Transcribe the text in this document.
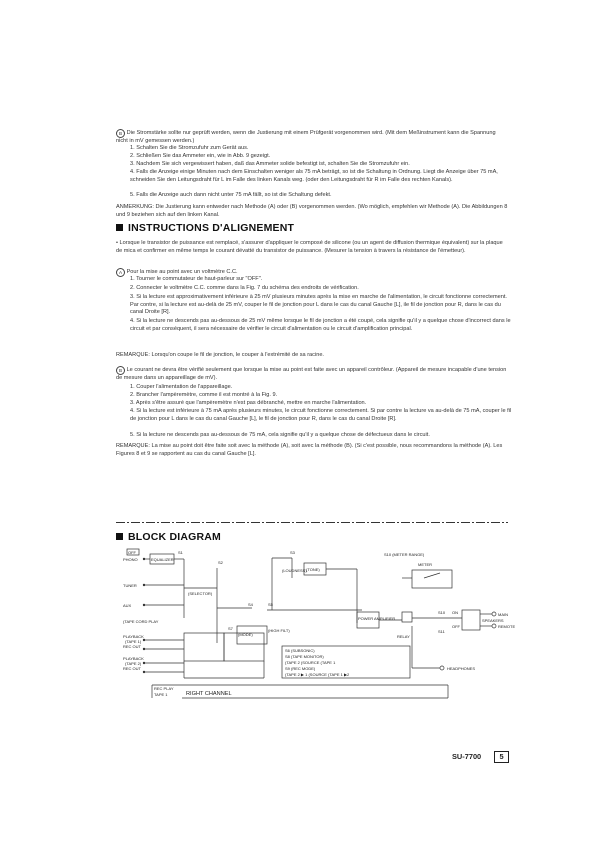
B Die Stromstärke sollte nur geprüft werden, wenn die Justierung mit einem Prüfgerät vorgenommen wird. (Mit dem Meßinstrument kann die Spannung nicht in mV gemessen werden.)
1. Schalten Sie die Stromzufuhr zum Gerät aus.
2. Schließen Sie das Ammeter ein, wie in Abb. 9 gezeigt.
3. Nachdem Sie sich vergewissert haben, daß das Ammeter solide befestigt ist, schalten Sie die Stromzufuhr ein.
4. Falls die Anzeige einige Minuten nach dem Einschalten weniger als 75 mA beträgt, so ist die Schaltung in Ordnung. Liegt die Anzeige über 75 mA, schneiden Sie den Leitungsdraht für L im Falle des linken Kanals weg. (oder den Leitungsdraht für R im Falle des rechten Kanals).
5. Falls die Anzeige auch dann nicht unter 75 mA fällt, so ist die Schaltung defekt.
ANMERKUNG: Die Justierung kann entweder nach Methode (A) oder (B) vorgenommen werden. (Wo möglich, empfehlen wir Methode (A). Die Abbildungen 8 und 9 beziehen sich auf den linken Kanal.
INSTRUCTIONS D'ALIGNEMENT
• Lorsque le transistor de puissance est remplacé, s'assurer d'appliquer le composé de silicone (ou un agent de diffusion thermique équivalent) sur la plaque de mica et confirmer en même temps le courant dévatté du transistor de puissance. (Mesurer la tension à travers la résistance de l'émetteur).
A Pour la mise au point avec un voltmètre C.C.
1. Tourner le commutateur de haut-parleur sur "OFF".
2. Connecter le voltmètre C.C. comme dans la Fig. 7 du schéma des endroits de vérification.
3. Si la lecture est approximativement inférieure à 25 mV plusieurs minutes après la mise en marche de l'alimentation, le circuit fonctionne correctement. Par contre, si la lecture est au-delà de 25 mV, couper le fil de jonction pour L dans le cas du canal Gauche [L], ile fil de jonction pour R, dans le cas du canal Droite [R].
4. Si la lecture ne descends pas au-dessous de 25 mV même lorsque le fil de jonction a été coupé, cela signifie qu'il y a quelque chose d'incorrect dans le circuit et par conséquent, il sera nécessaire de vérifier le circuit d'alimentation ou le circuit d'amplification principal.
REMARQUE: Lorsqu'on coupe le fil de jonction, le couper à l'extrémité de sa racine.
B Le courant ne devra être vérifié seulement que lorsque la mise au point est faite avec un appareil contrôleur. (Appareil de mesure incapable d'une tension de mesure dans un appareillage de mV).
1. Couper l'alimentation de l'appareillage.
2. Brancher l'ampèremètre, comme il est montré à la Fig. 9.
3. Après s'être assuré que l'ampèremètre n'est pas débranché, mettre en marche l'alimentation.
4. Si la lecture est inférieure à 75 mA après plusieurs minutes, le circuit fonctionne correctement. Si par contre la lecture va au-delà de 75 mA, couper le fil de jonction pour L dans le cas du canal Gauche [L], le fil de jonction pour R, dans le cas du canal Droite [R].
5. Si la lecture ne descends pas au-dessous de 75 mA, cela signifie qu'il y a quelque chose de défectueux dans le circuit.
REMARQUE: La mise au point doit être faite soit avec la méthode (A), soit avec la méthode (B). (Si c'est possible, nous recommandons la méthode (A). Les Figures 8 et 9 se rapportent au cas du canal Gauche [L].
BLOCK DIAGRAM
OFF
PHONO	EQUALIZER
S1
TUNER
AUX
(SELECTOR)
S2
(TAPE CORD PLAY
PLAYBACK
(TAPE 1)
REC OUT
PLAYBACK
(TAPE 2)
REC OUT
S3
(LOUDNESS) (TONE)
S4
(MODE)
S5
(HIGH FILT)
POWER AMPLIFIER
RELAY
S10 (METER RANGE)
METER
S10 ON
OFF
S11
MAIN
SPEAKERS
REMOTE
HEADPHONES
S7
S6 (SUBSONIC)
S8 (TAPE MONITOR)
(TAPE 2 (SOURCE (TAPE 1
S9 (REC MODE)
(TAPE 2 ▶ 1 (SOURCE (TAPE 1 ▶2
REC PLAY
TAPE 1	RIGHT CHANNEL
SU-7700	5
